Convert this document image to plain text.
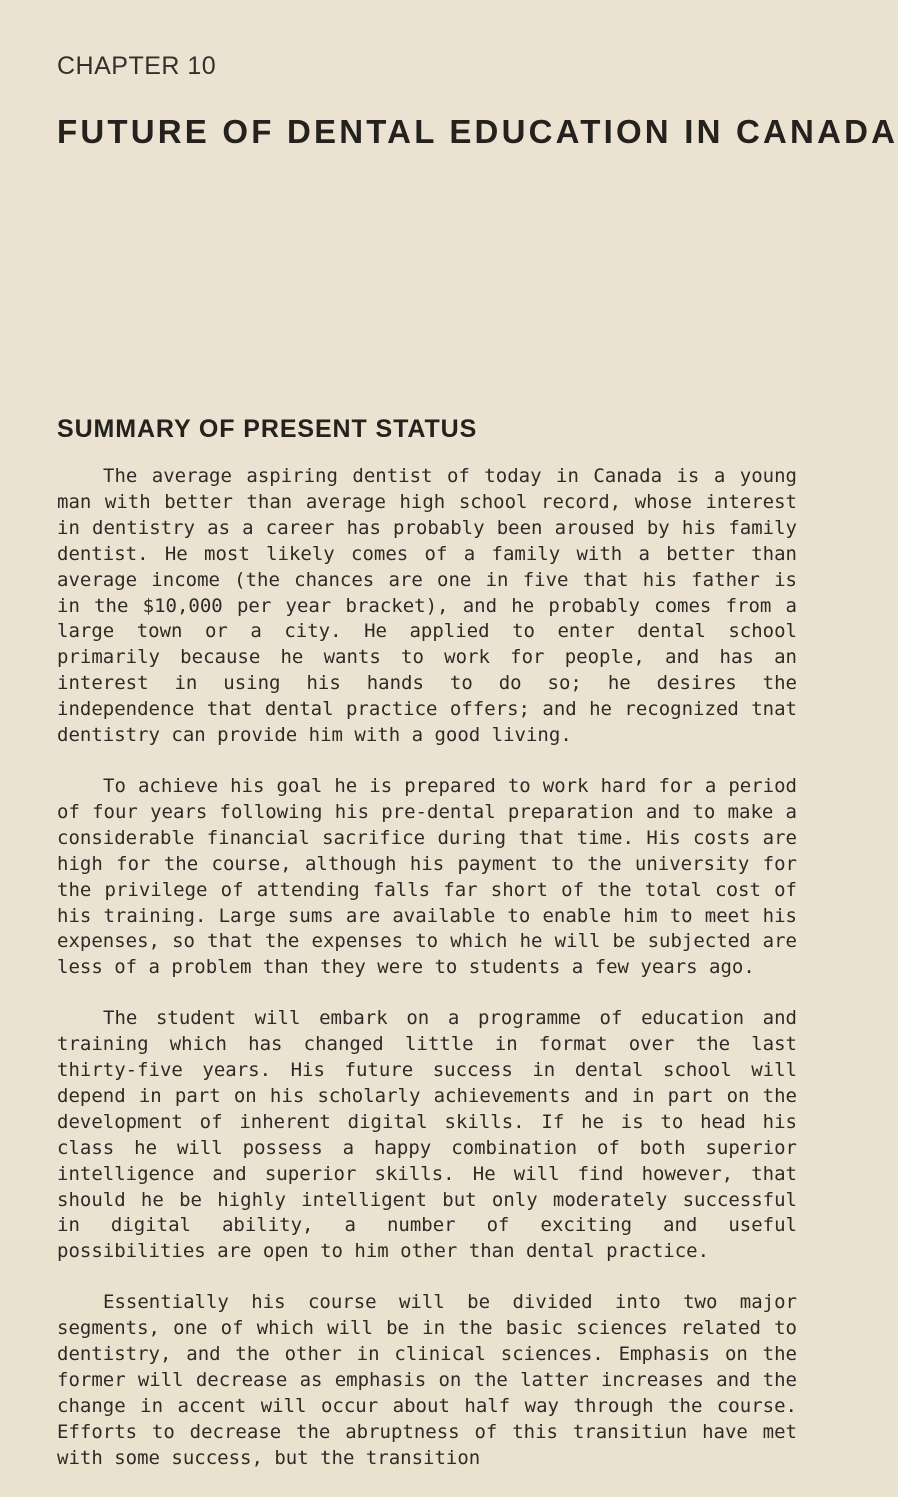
CHAPTER 10
FUTURE OF DENTAL EDUCATION IN CANADA
SUMMARY OF PRESENT STATUS

The average aspiring dentist of today in Canada is a young man with better than average high school record, whose interest in dentistry as a career has probably been aroused by his family dentist. He most likely comes of a family with a better than average income (the chances are one in five that his father is in the $10,000 per year bracket), and he probably comes from a large town or a city. He applied to enter dental school primarily because he wants to work for people, and has an interest in using his hands to do so; he desires the independence that dental practice offers; and he recognized tnat dentistry can provide him with a good living.

To achieve his goal he is prepared to work hard for a period of four years following his pre-dental preparation and to make a considerable financial sacrifice during that time. His costs are high for the course, although his payment to the university for the privilege of attending falls far short of the total cost of his training. Large sums are available to enable him to meet his expenses, so that the expenses to which he will be subjected are less of a problem than they were to students a few years ago.

The student will embark on a programme of education and training which has changed little in format over the last thirty-five years. His future success in dental school will depend in part on his scholarly achievements and in part on the development of inherent digital skills. If he is to head his class he will possess a happy combination of both superior intelligence and superior skills. He will find however, that should he be highly intelligent but only moderately successful in digital ability, a number of exciting and useful possibilities are open to him other than dental practice.

Essentially his course will be divided into two major segments, one of which will be in the basic sciences related to dentistry, and the other in clinical sciences. Emphasis on the former will decrease as emphasis on the latter increases and the change in accent will occur about half way through the course. Efforts to decrease the abruptness of this transitiun have met with some success, but the transition
